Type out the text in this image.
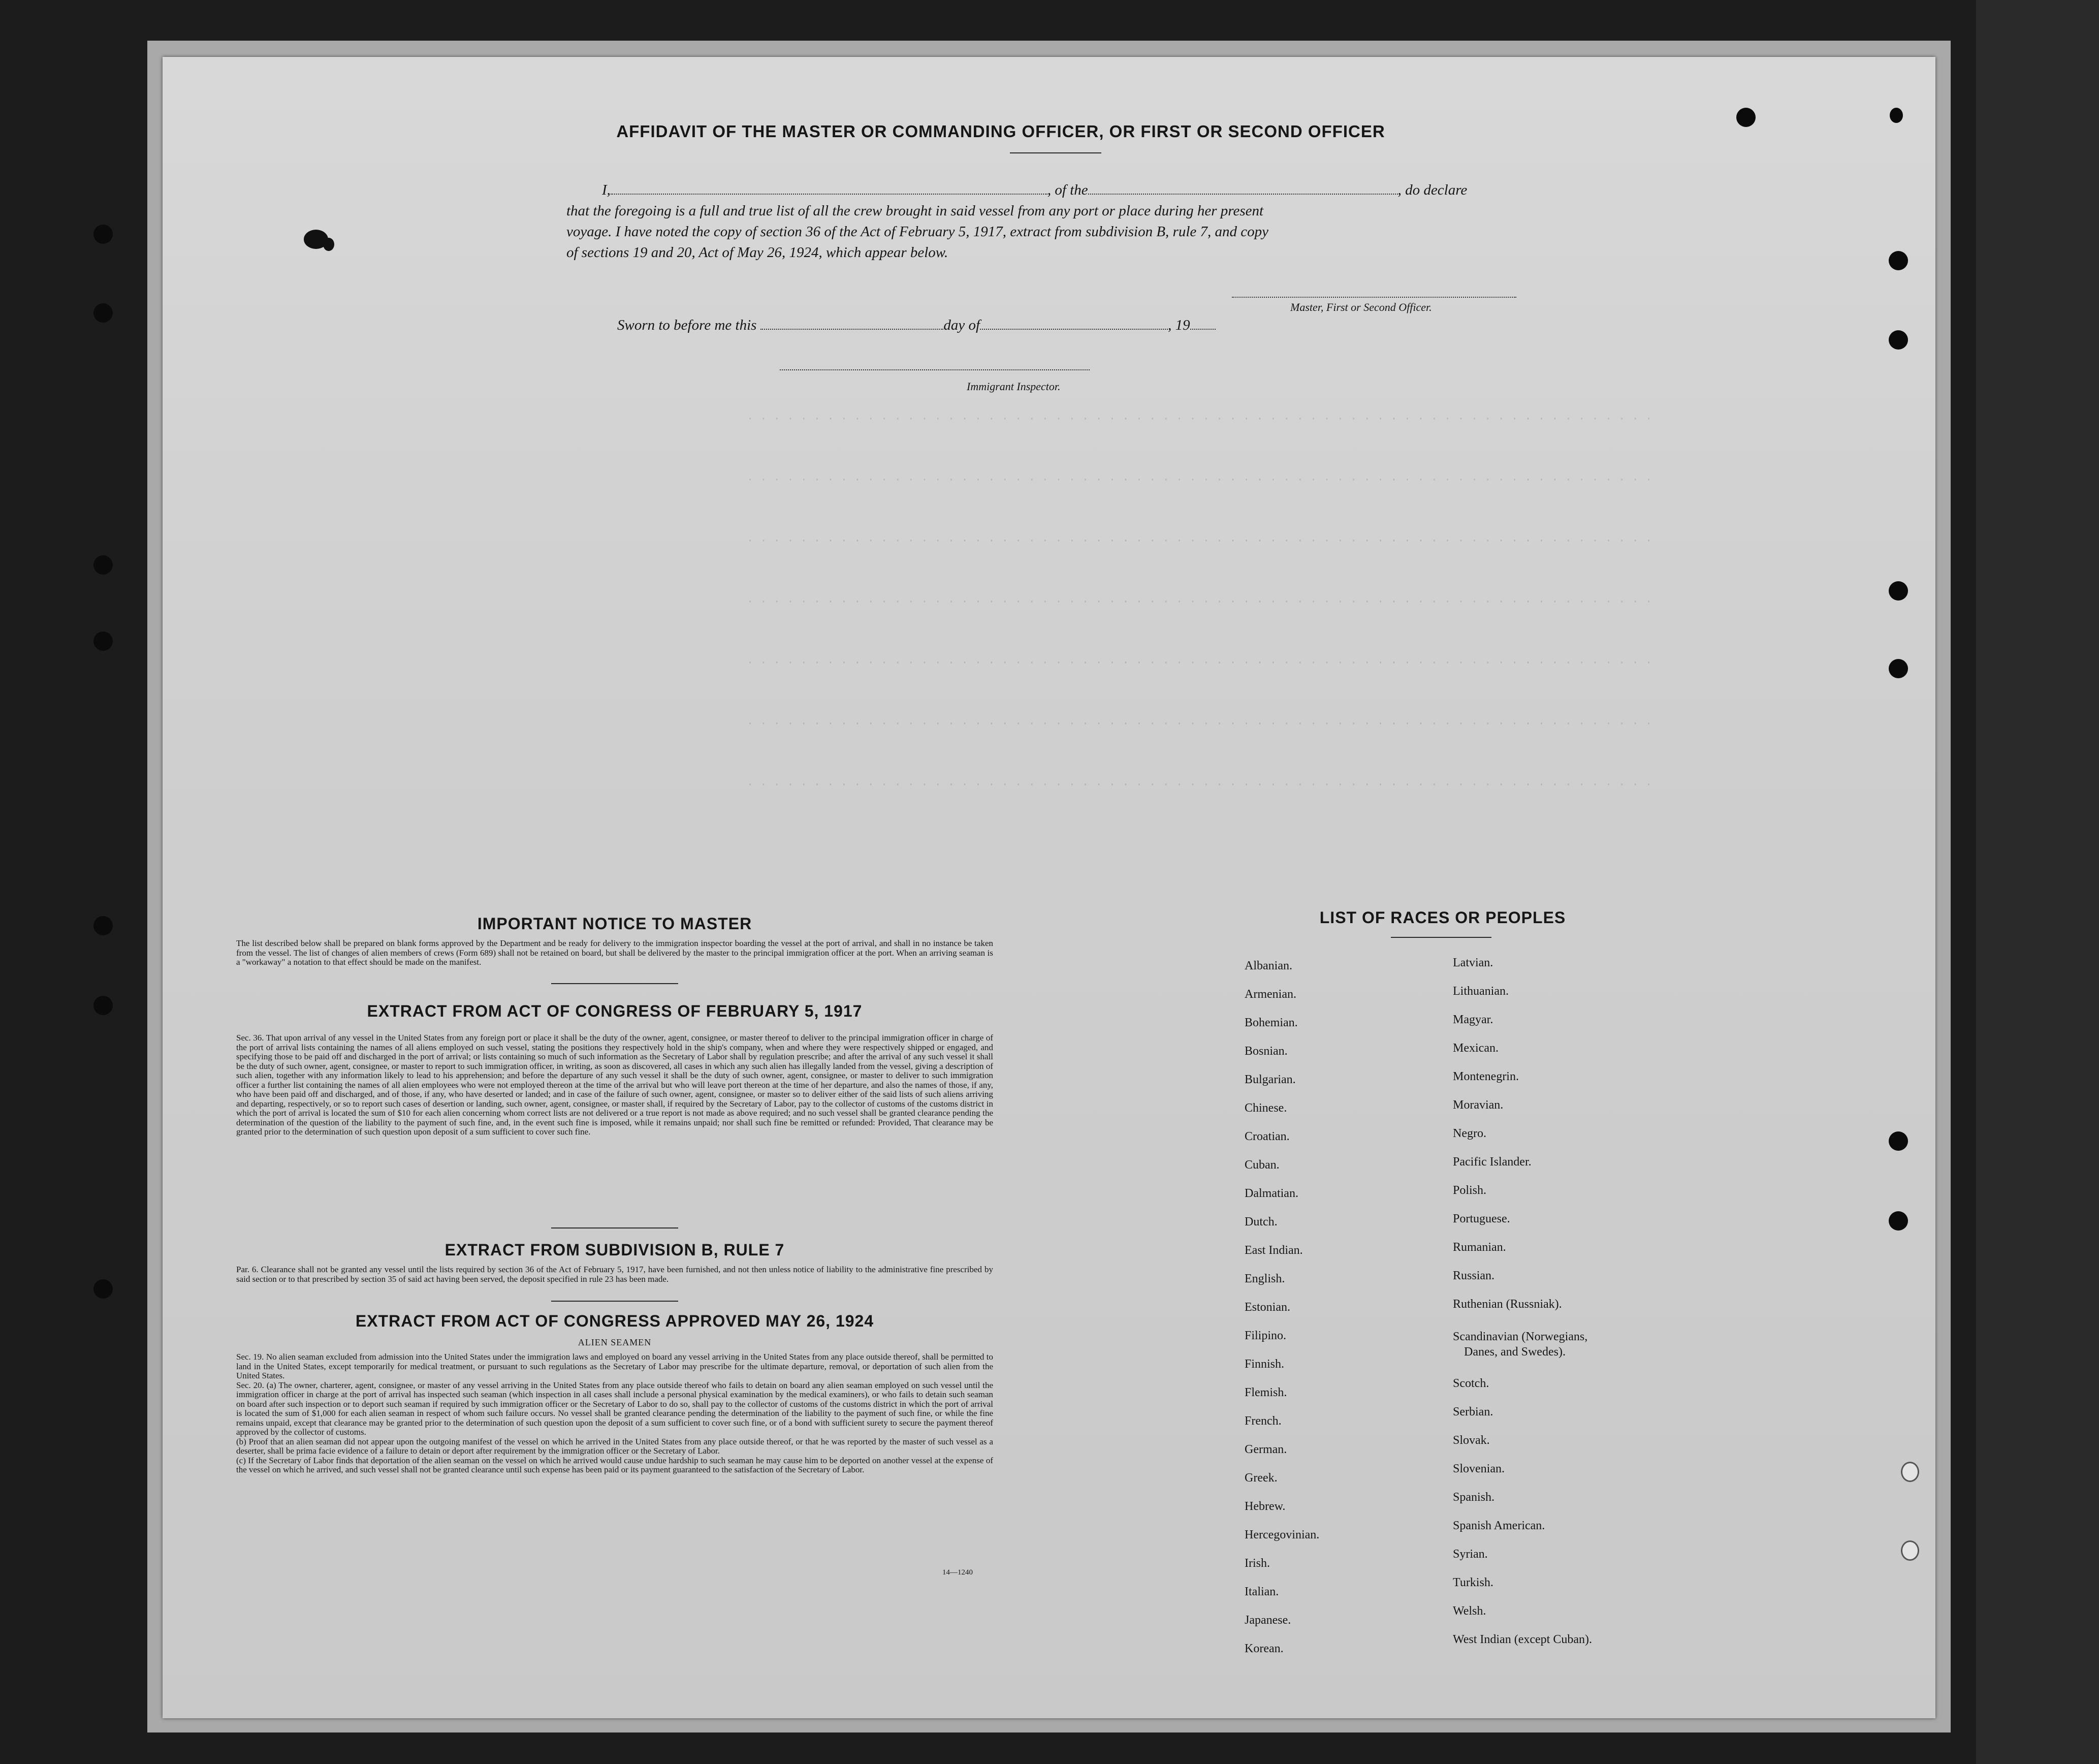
· · · · · · · · · · · · · · · · · · · · · · · · · · · · · · · · · · · · · · · · · · · · · · · · · · · · · · · · · · · · · · · · · · · ·
· · · · · · · · · · · · · · · · · · · · · · · · · · · · · · · · · · · · · · · · · · · · · · · · · · · · · · · · · · · · · · · · · · · ·
· · · · · · · · · · · · · · · · · · · · · · · · · · · · · · · · · · · · · · · · · · · · · · · · · · · · · · · · · · · · · · · · · · · ·
· · · · · · · · · · · · · · · · · · · · · · · · · · · · · · · · · · · · · · · · · · · · · · · · · · · · · · · · · · · · · · · · · · · ·
· · · · · · · · · · · · · · · · · · · · · · · · · · · · · · · · · · · · · · · · · · · · · · · · · · · · · · · · · · · · · · · · · · · ·
· · · · · · · · · · · · · · · · · · · · · · · · · · · · · · · · · · · · · · · · · · · · · · · · · · · · · · · · · · · · · · · · · · · ·
· · · · · · · · · · · · · · · · · · · · · · · · · · · · · · · · · · · · · · · · · · · · · · · · · · · · · · · · · · · · · · · · · · · ·
AFFIDAVIT OF THE MASTER OR COMMANDING OFFICER, OR FIRST OR SECOND OFFICER
I,	, of the	, do declare
that the foregoing is a full and true list of all the crew brought in said vessel from any port or place during her present
voyage. I have noted the copy of section 36 of the Act of February 5, 1917, extract from subdivision B, rule 7, and copy
of sections 19 and 20, Act of May 26, 1924, which appear below.
Master, First or Second Officer.
Sworn to before me this	day of	, 19
Immigrant Inspector.
IMPORTANT NOTICE TO MASTER
The list described below shall be prepared on blank forms approved by the Department and be ready for delivery to the immigration inspector boarding the vessel at the port of arrival, and shall in no instance be taken from the vessel. The list of changes of alien members of crews (Form 689) shall not be retained on board, but shall be delivered by the master to the principal immigration officer at the port. When an arriving seaman is a "workaway" a notation to that effect should be made on the manifest.
EXTRACT FROM ACT OF CONGRESS OF FEBRUARY 5, 1917
Sec. 36. That upon arrival of any vessel in the United States from any foreign port or place it shall be the duty of the owner, agent, consignee, or master thereof to deliver to the principal immigration officer in charge of the port of arrival lists containing the names of all aliens employed on such vessel, stating the positions they respectively hold in the ship's company, when and where they were respectively shipped or engaged, and specifying those to be paid off and discharged in the port of arrival; or lists containing so much of such information as the Secretary of Labor shall by regulation prescribe; and after the arrival of any such vessel it shall be the duty of such owner, agent, consignee, or master to report to such immigration officer, in writing, as soon as discovered, all cases in which any such alien has illegally landed from the vessel, giving a description of such alien, together with any information likely to lead to his apprehension; and before the departure of any such vessel it shall be the duty of such owner, agent, consignee, or master to deliver to such immigration officer a further list containing the names of all alien employees who were not employed thereon at the time of the arrival but who will leave port thereon at the time of her departure, and also the names of those, if any, who have been paid off and discharged, and of those, if any, who have deserted or landed; and in case of the failure of such owner, agent, consignee, or master so to deliver either of the said lists of such aliens arriving and departing, respectively, or so to report such cases of desertion or landing, such owner, agent, consignee, or master shall, if required by the Secretary of Labor, pay to the collector of customs of the customs district in which the port of arrival is located the sum of $10 for each alien concerning whom correct lists are not delivered or a true report is not made as above required; and no such vessel shall be granted clearance pending the determination of the question of the liability to the payment of such fine, and, in the event such fine is imposed, while it remains unpaid; nor shall such fine be remitted or refunded: Provided, That clearance may be granted prior to the determination of such question upon deposit of a sum sufficient to cover such fine.
EXTRACT FROM SUBDIVISION B, RULE 7
Par. 6. Clearance shall not be granted any vessel until the lists required by section 36 of the Act of February 5, 1917, have been furnished, and not then unless notice of liability to the administrative fine prescribed by said section or to that prescribed by section 35 of said act having been served, the deposit specified in rule 23 has been made.
EXTRACT FROM ACT OF CONGRESS APPROVED MAY 26, 1924
ALIEN SEAMEN
Sec. 19. No alien seaman excluded from admission into the United States under the immigration laws and employed on board any vessel arriving in the United States from any place outside thereof, shall be permitted to land in the United States, except temporarily for medical treatment, or pursuant to such regulations as the Secretary of Labor may prescribe for the ultimate departure, removal, or deportation of such alien from the United States.
Sec. 20. (a) The owner, charterer, agent, consignee, or master of any vessel arriving in the United States from any place outside thereof who fails to detain on board any alien seaman employed on such vessel until the immigration officer in charge at the port of arrival has inspected such seaman (which inspection in all cases shall include a personal physical examination by the medical examiners), or who fails to detain such seaman on board after such inspection or to deport such seaman if required by such immigration officer or the Secretary of Labor to do so, shall pay to the collector of customs of the customs district in which the port of arrival is located the sum of $1,000 for each alien seaman in respect of whom such failure occurs. No vessel shall be granted clearance pending the determination of the liability to the payment of such fine, or while the fine remains unpaid, except that clearance may be granted prior to the determination of such question upon the deposit of a sum sufficient to cover such fine, or of a bond with sufficient surety to secure the payment thereof approved by the collector of customs.
(b) Proof that an alien seaman did not appear upon the outgoing manifest of the vessel on which he arrived in the United States from any place outside thereof, or that he was reported by the master of such vessel as a deserter, shall be prima facie evidence of a failure to detain or deport after requirement by the immigration officer or the Secretary of Labor.
(c) If the Secretary of Labor finds that deportation of the alien seaman on the vessel on which he arrived would cause undue hardship to such seaman he may cause him to be deported on another vessel at the expense of the vessel on which he arrived, and such vessel shall not be granted clearance until such expense has been paid or its payment guaranteed to the satisfaction of the Secretary of Labor.
14—1240
LIST OF RACES OR PEOPLES
Albanian.
Armenian.
Bohemian.
Bosnian.
Bulgarian.
Chinese.
Croatian.
Cuban.
Dalmatian.
Dutch.
East Indian.
English.
Estonian.
Filipino.
Finnish.
Flemish.
French.
German.
Greek.
Hebrew.
Hercegovinian.
Irish.
Italian.
Japanese.
Korean.
Latvian.
Lithuanian.
Magyar.
Mexican.
Montenegrin.
Moravian.
Negro.
Pacific Islander.
Polish.
Portuguese.
Rumanian.
Russian.
Ruthenian (Russniak).
Scandinavian (Norwegians,
Danes, and Swedes).
Scotch.
Serbian.
Slovak.
Slovenian.
Spanish.
Spanish American.
Syrian.
Turkish.
Welsh.
West Indian (except Cuban).
